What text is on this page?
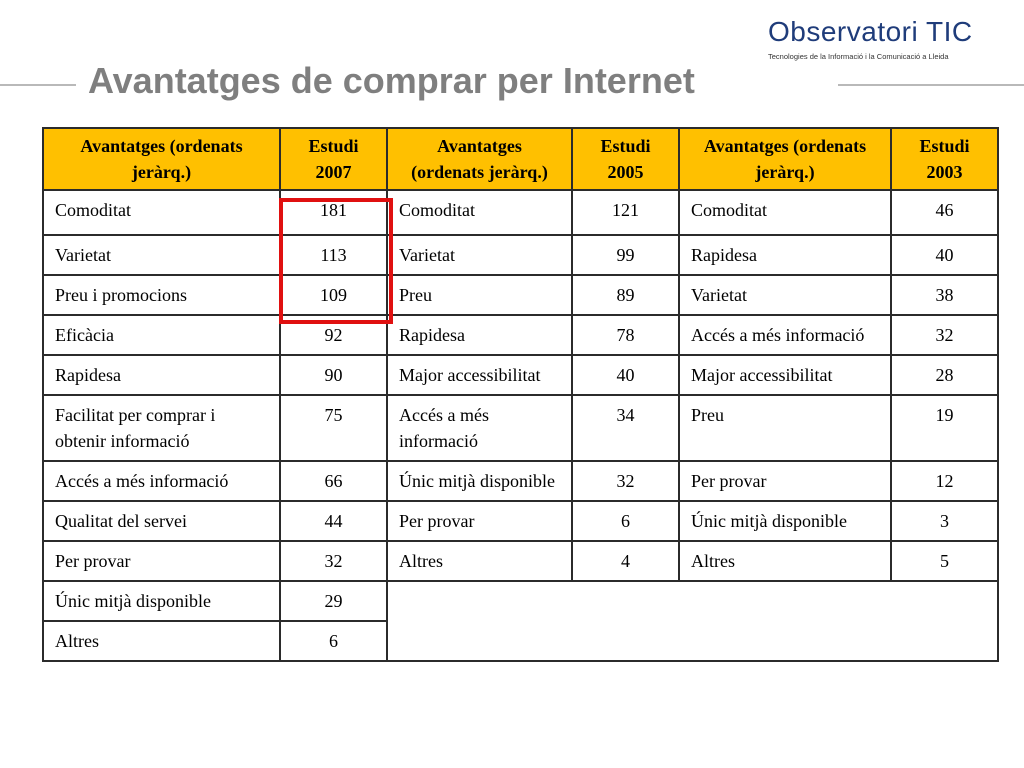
Observatori TIC
Tecnologies de la Informació i la Comunicació a Lleida
Avantatges de comprar per Internet
Avantatges (ordenats jeràrq.)	Estudi 2007	Avantatges (ordenats jeràrq.)	Estudi 2005	Avantatges (ordenats jeràrq.)	Estudi 2003
Comoditat	181	Comoditat	121	Comoditat	46
Varietat	113	Varietat	99	Rapidesa	40
Preu i promocions	109	Preu	89	Varietat	38
Eficàcia	92	Rapidesa	78	Accés a més informació	32
Rapidesa	90	Major accessibilitat	40	Major accessibilitat	28
Facilitat per comprar i obtenir informació	75	Accés a més informació	34	Preu	19
Accés a més informació	66	Únic mitjà disponible	32	Per provar	12
Qualitat del servei	44	Per provar	6	Únic mitjà disponible	3
Per provar	32	Altres	4	Altres	5
Únic mitjà disponible	29				
Altres	6				
